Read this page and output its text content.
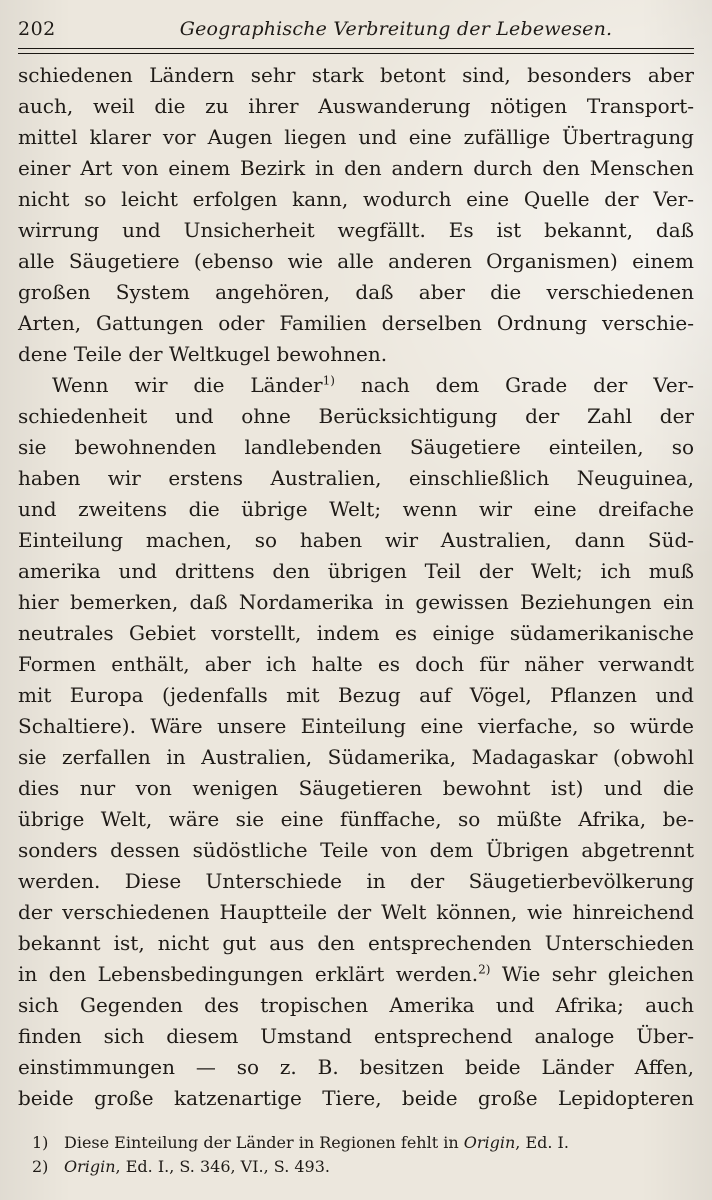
202	Geographische Verbreitung der Lebewesen.
schiedenen Ländern sehr stark betont sind, besonders aber
auch, weil die zu ihrer Auswanderung nötigen Transport-
mittel klarer vor Augen liegen und eine zufällige Übertragung
einer Art von einem Bezirk in den andern durch den Menschen
nicht so leicht erfolgen kann, wodurch eine Quelle der Ver-
wirrung und Unsicherheit wegfällt. Es ist bekannt, daß
alle Säugetiere (ebenso wie alle anderen Organismen) einem
großen System angehören, daß aber die verschiedenen
Arten, Gattungen oder Familien derselben Ordnung verschie-
dene Teile der Weltkugel bewohnen.
Wenn wir die Länder$^{1)}$ nach dem Grade der Ver-
schiedenheit und ohne Berücksichtigung der Zahl der
sie bewohnenden landlebenden Säugetiere einteilen, so
haben wir erstens Australien, einschließlich Neuguinea,
und zweitens die übrige Welt; wenn wir eine dreifache
Einteilung machen, so haben wir Australien, dann Süd-
amerika und drittens den übrigen Teil der Welt; ich muß
hier bemerken, daß Nordamerika in gewissen Beziehungen ein
neutrales Gebiet vorstellt, indem es einige südamerikanische
Formen enthält, aber ich halte es doch für näher verwandt
mit Europa (jedenfalls mit Bezug auf Vögel, Pflanzen und
Schaltiere). Wäre unsere Einteilung eine vierfache, so würde
sie zerfallen in Australien, Südamerika, Madagaskar (obwohl
dies nur von wenigen Säugetieren bewohnt ist) und die
übrige Welt, wäre sie eine fünffache, so müßte Afrika, be-
sonders dessen südöstliche Teile von dem Übrigen abgetrennt
werden. Diese Unterschiede in der Säugetierbevölkerung
der verschiedenen Hauptteile der Welt können, wie hinreichend
bekannt ist, nicht gut aus den entsprechenden Unterschieden
in den Lebensbedingungen erklärt werden.$^{2)}$ Wie sehr gleichen
sich Gegenden des tropischen Amerika und Afrika; auch
finden sich diesem Umstand entsprechend analoge Über-
einstimmungen — so z. B. besitzen beide Länder Affen,
beide große katzenartige Tiere, beide große Lepidopteren
1) Diese Einteilung der Länder in Regionen fehlt in Origin, Ed. I.
2) Origin, Ed. I., S. 346, VI., S. 493.
